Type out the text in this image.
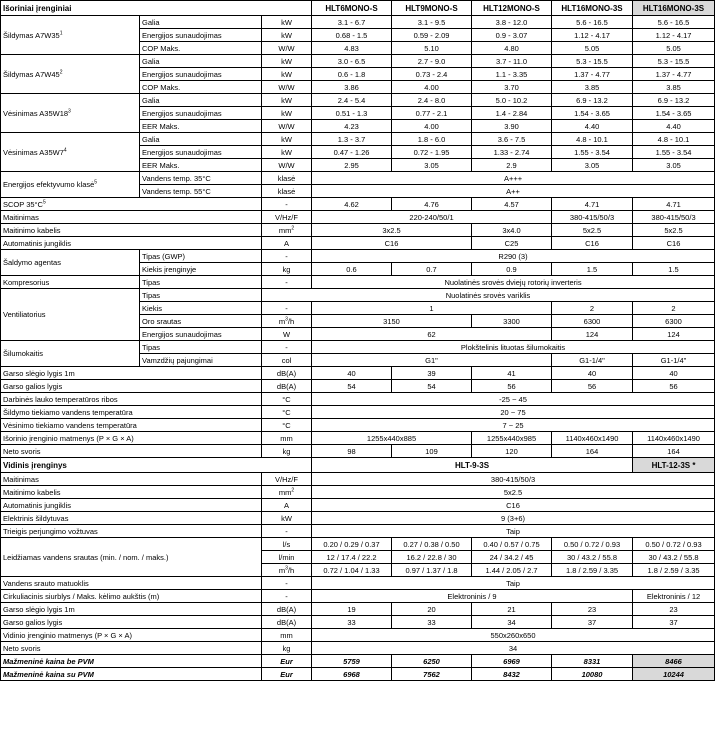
Išoriniai įrenginiai			HLT6MONO-S	HLT9MONO-S	HLT12MONO-S	HLT16MONO-3S	HLT16MONO-3S
Šildymas $A7W35^1$	Galia	kW	3.1 - 6.7	3.1 - 9.5	3.8 - 12.0	5.6 - 16.5	5.6 - 16.5
	Energijos sunaudojimas	kW	0.68 - 1.5	0.59 - 2.09	0.9 - 3.07	1.12 - 4.17	1.12 - 4.17
	COP Maks.	W/W	4.83	5.10	4.80	5.05	5.05
Šildymas $A7W45^2$	Galia	kW	3.0 - 6.5	2.7 - 9.0	3.7 - 11.0	5.3 - 15.5	5.3 - 15.5
	Energijos sunaudojimas	kW	0.6 - 1.8	0.73 - 2.4	1.1 - 3.35	1.37 - 4.77	1.37 - 4.77
	COP Maks.	W/W	3.86	4.00	3.70	3.85	3.85
Vėsinimas $A35W18^3$	Galia	kW	2.4 - 5.4	2.4 - 8.0	5.0 - 10.2	6.9 - 13.2	6.9 - 13.2
	Energijos sunaudojimas	kW	0.51 - 1.3	0.77 - 2.1	1.4 - 2.84	1.54 - 3.65	1.54 - 3.65
	EER Maks.	W/W	4.23	4.00	3.90	4.40	4.40
Vėsinimas $A35W7^4$	Galia	kW	1.3 - 3.7	1.8 - 6.0	3.6 - 7.5	4.8 - 10.1	4.8 - 10.1
	Energijos sunaudojimas	kW	0.47 - 1.26	0.72 - 1.95	1.33 - 2.74	1.55 - 3.54	1.55 - 3.54
	EER Maks.	W/W	2.95	3.05	2.9	3.05	3.05
Energijos efektyvumo klasė$^5$	Vandens temp. 35°C	klasė	A+++				
	Vandens temp. 55°C	klasė	A++				
SCOP $35^\circ C^5$		-	4.62	4.76	4.57	4.71	4.71
Maitinimas		V/Hz/F	220-240/50/1			380-415/50/3	380-415/50/3
Maitinimo kabelis		$mm^2$	3x2.5		3x4.0	5x2.5	5x2.5
Automatinis jungiklis		A	C16		C25	C16	C16
Šaldymo agentas	Tipas (GWP)	-	R290 (3)				
	Kiekis įrenginyje	kg	0.6	0.7	0.9	1.5	1.5
Kompresorius	Tipas	-	Nuolatinės srovės dviejų rotorių inverteris				
Ventiliatorius	Tipas	Nuolatinės srovės variklis					
	Kiekis	-	1			2	2
	Oro srautas	$m^3/h$	3150		3300	6300	6300
	Energijos sunaudojimas	W	62			124	124
Šilumokaitis	Tipas	-	Plokštelinis lituotas šilumokaitis				
	Vamzdžių pajungimai	col	G1"			G1-1/4"	G1-1/4"
Garso slėgio lygis 1m		dB(A)	40	39	41	40	40
Garso galios lygis		dB(A)	54	54	56	56	56
Darbinės lauko temperatūros ribos		°C	-25 ~ 45				
Šildymo tiekiamo vandens temperatūra		°C	20 ~ 75				
Vėsinimo tiekiamo vandens temperatūra		°C	7 ~ 25				
Išorinio įrenginio matmenys (P × G × A)		mm	1255x440x885		1255x440x985	1140x460x1490	1140x460x1490
Neto svoris		kg	98	109	120	164	164
Vidinis įrenginys			HLT-9-3S				HLT-12-3S *
Maitinimas		V/Hz/F	380-415/50/3				
Maitinimo kabelis		$mm^2$	5x2.5				
Automatinis jungiklis		A	C16				
Elektrinis šildytuvas		kW	9 (3+6)				
Trieigis perjungimo vožtuvas		-	Taip				
Leidžiamas vandens srautas (min. / nom. / maks.)		l/s	0.20 / 0.29 / 0.37	0.27 / 0.38 / 0.50	0.40 / 0.57 / 0.75	0.50 / 0.72 / 0.93	0.50 / 0.72 / 0.93
		l/min	12 / 17.4 / 22.2	16.2 / 22.8 / 30	24 / 34.2 / 45	30 / 43.2 / 55.8	30 / 43.2 / 55.8
		$m^3/h$	0.72 / 1.04 / 1.33	0.97 / 1.37 / 1.8	1.44 / 2.05 / 2.7	1.8 / 2.59 / 3.35	1.8 / 2.59 / 3.35
Vandens srauto matuoklis		-	Taip				
Cirkuliacinis siurblys / Maks. kėlimo aukštis (m)		-	Elektroninis / 9				Elektroninis / 12
Garso slėgio lygis 1m		dB(A)	19	20	21	23	23
Garso galios lygis		dB(A)	33	33	34	37	37
Vidinio įrenginio matmenys (P × G × A)		mm	550x260x650				
Neto svoris		kg	34				
Mažmeninė kaina be PVM		Eur	5759	6250	6969	8331	8466
Mažmeninė kaina su PVM		Eur	6968	7562	8432	10080	10244
